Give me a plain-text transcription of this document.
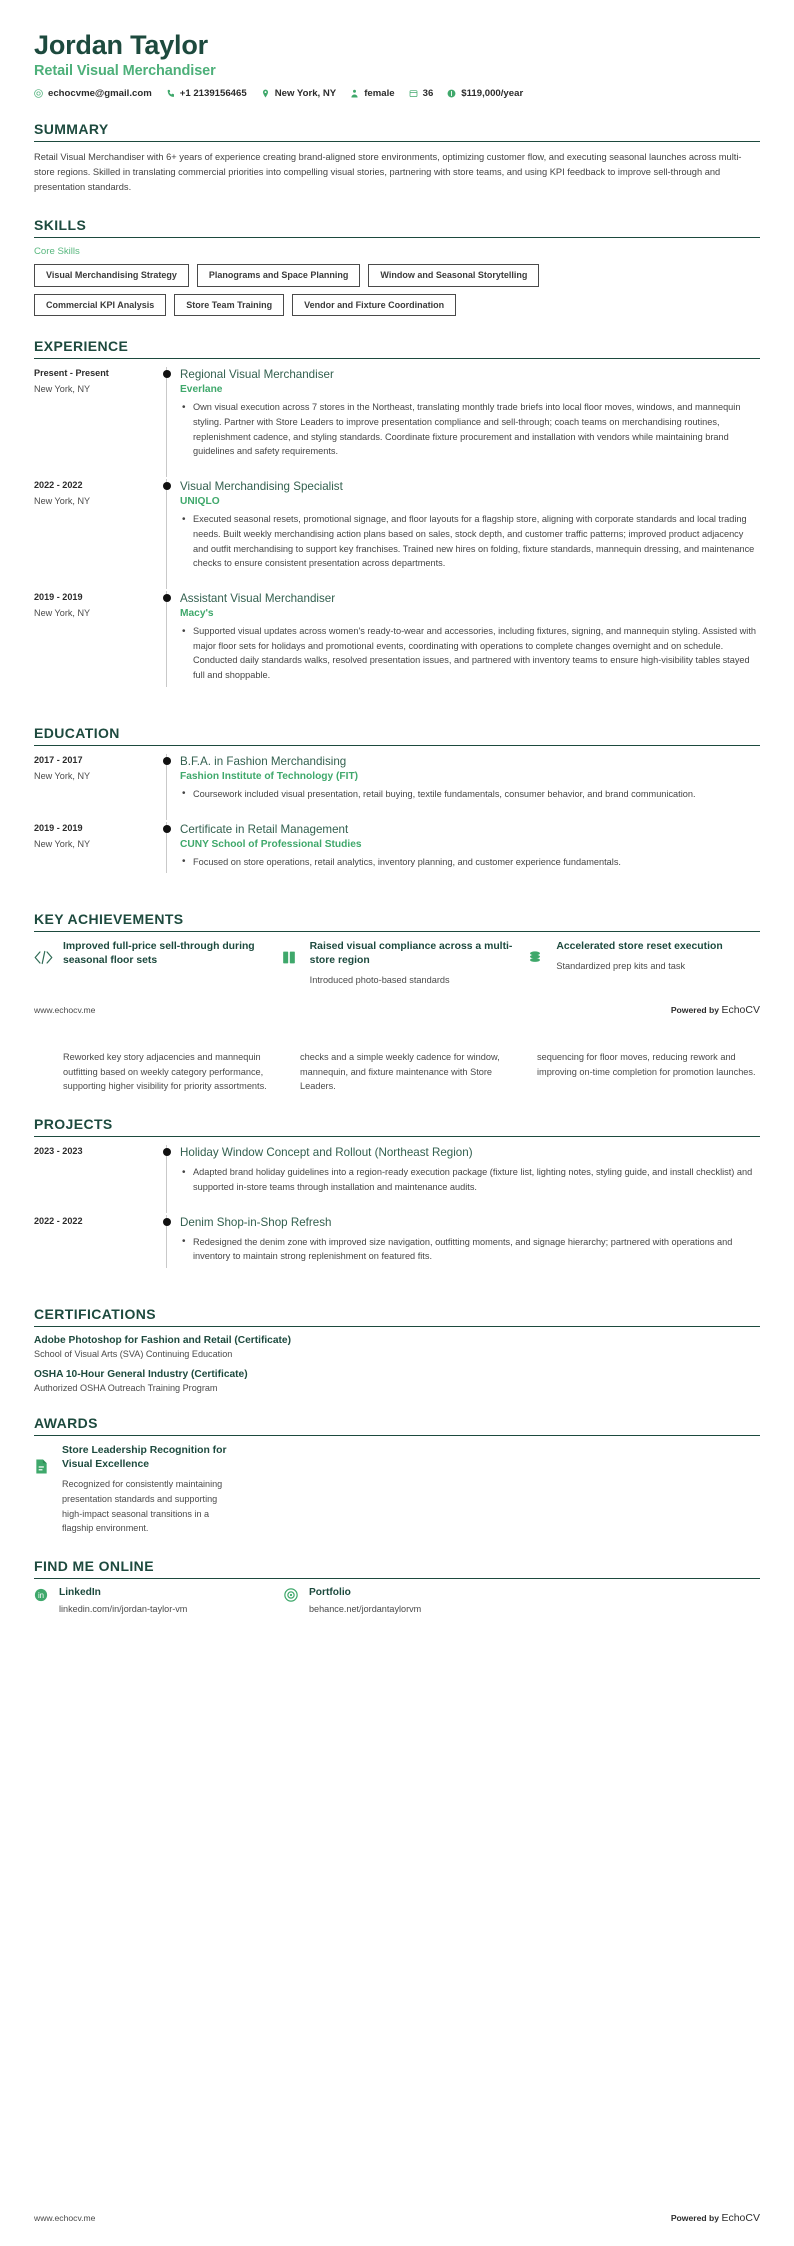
Jordan Taylor
Retail Visual Merchandiser
echocvme@gmail.com	+1 2139156465	New York, NY	female	36	$119,000/year
SUMMARY
Retail Visual Merchandiser with 6+ years of experience creating brand-aligned store environments, optimizing customer flow, and executing seasonal launches across multi-store regions. Skilled in translating commercial priorities into compelling visual stories, partnering with store teams, and using KPI feedback to improve sell-through and presentation standards.
SKILLS
Core Skills
Visual Merchandising Strategy	Planograms and Space Planning	Window and Seasonal Storytelling
Commercial KPI Analysis	Store Team Training	Vendor and Fixture Coordination
EXPERIENCE
Present - Present
New York, NY
Regional Visual Merchandiser
Everlane
• Own visual execution across 7 stores in the Northeast, translating monthly trade briefs into local floor moves, windows, and mannequin styling. Partner with Store Leaders to improve presentation compliance and sell-through; coach teams on merchandising routines, replenishment cadence, and styling standards. Coordinate fixture procurement and installation with vendors while maintaining brand guidelines and safety requirements.
2022 - 2022
New York, NY
Visual Merchandising Specialist
UNIQLO
• Executed seasonal resets, promotional signage, and floor layouts for a flagship store, aligning with corporate standards and local trading needs. Built weekly merchandising action plans based on sales, stock depth, and customer traffic patterns; improved product adjacency and outfit merchandising to support key franchises. Trained new hires on folding, fixture standards, mannequin dressing, and maintenance checks to ensure consistent presentation across departments.
2019 - 2019
New York, NY
Assistant Visual Merchandiser
Macy's
• Supported visual updates across women's ready-to-wear and accessories, including fixtures, signing, and mannequin styling. Assisted with major floor sets for holidays and promotional events, coordinating with operations to complete changes overnight and on schedule. Conducted daily standards walks, resolved presentation issues, and partnered with inventory teams to ensure high-visibility tables stayed full and shoppable.
EDUCATION
2017 - 2017
New York, NY
B.F.A. in Fashion Merchandising
Fashion Institute of Technology (FIT)
• Coursework included visual presentation, retail buying, textile fundamentals, consumer behavior, and brand communication.
2019 - 2019
New York, NY
Certificate in Retail Management
CUNY School of Professional Studies
• Focused on store operations, retail analytics, inventory planning, and customer experience fundamentals.
KEY ACHIEVEMENTS
Improved full-price sell-through during seasonal floor sets
Raised visual compliance across a multi-store region
Introduced photo-based standards
Accelerated store reset execution
Standardized prep kits and task
www.echocv.me	Powered by EchoCV
Reworked key story adjacencies and mannequin outfitting based on weekly category performance, supporting higher visibility for priority assortments.
checks and a simple weekly cadence for window, mannequin, and fixture maintenance with Store Leaders.
sequencing for floor moves, reducing rework and improving on-time completion for promotion launches.
PROJECTS
2023 - 2023	Holiday Window Concept and Rollout (Northeast Region)
• Adapted brand holiday guidelines into a region-ready execution package (fixture list, lighting notes, styling guide, and install checklist) and supported in-store teams through installation and maintenance audits.
2022 - 2022	Denim Shop-in-Shop Refresh
• Redesigned the denim zone with improved size navigation, outfitting moments, and signage hierarchy; partnered with operations and inventory to maintain strong replenishment on featured fits.
CERTIFICATIONS
Adobe Photoshop for Fashion and Retail (Certificate)
School of Visual Arts (SVA) Continuing Education
OSHA 10-Hour General Industry (Certificate)
Authorized OSHA Outreach Training Program
AWARDS
Store Leadership Recognition for Visual Excellence
Recognized for consistently maintaining presentation standards and supporting high-impact seasonal transitions in a flagship environment.
FIND ME ONLINE
in LinkedIn
linkedin.com/in/jordan-taylor-vm
Portfolio
behance.net/jordantaylorvm
www.echocv.me	Powered by EchoCV
